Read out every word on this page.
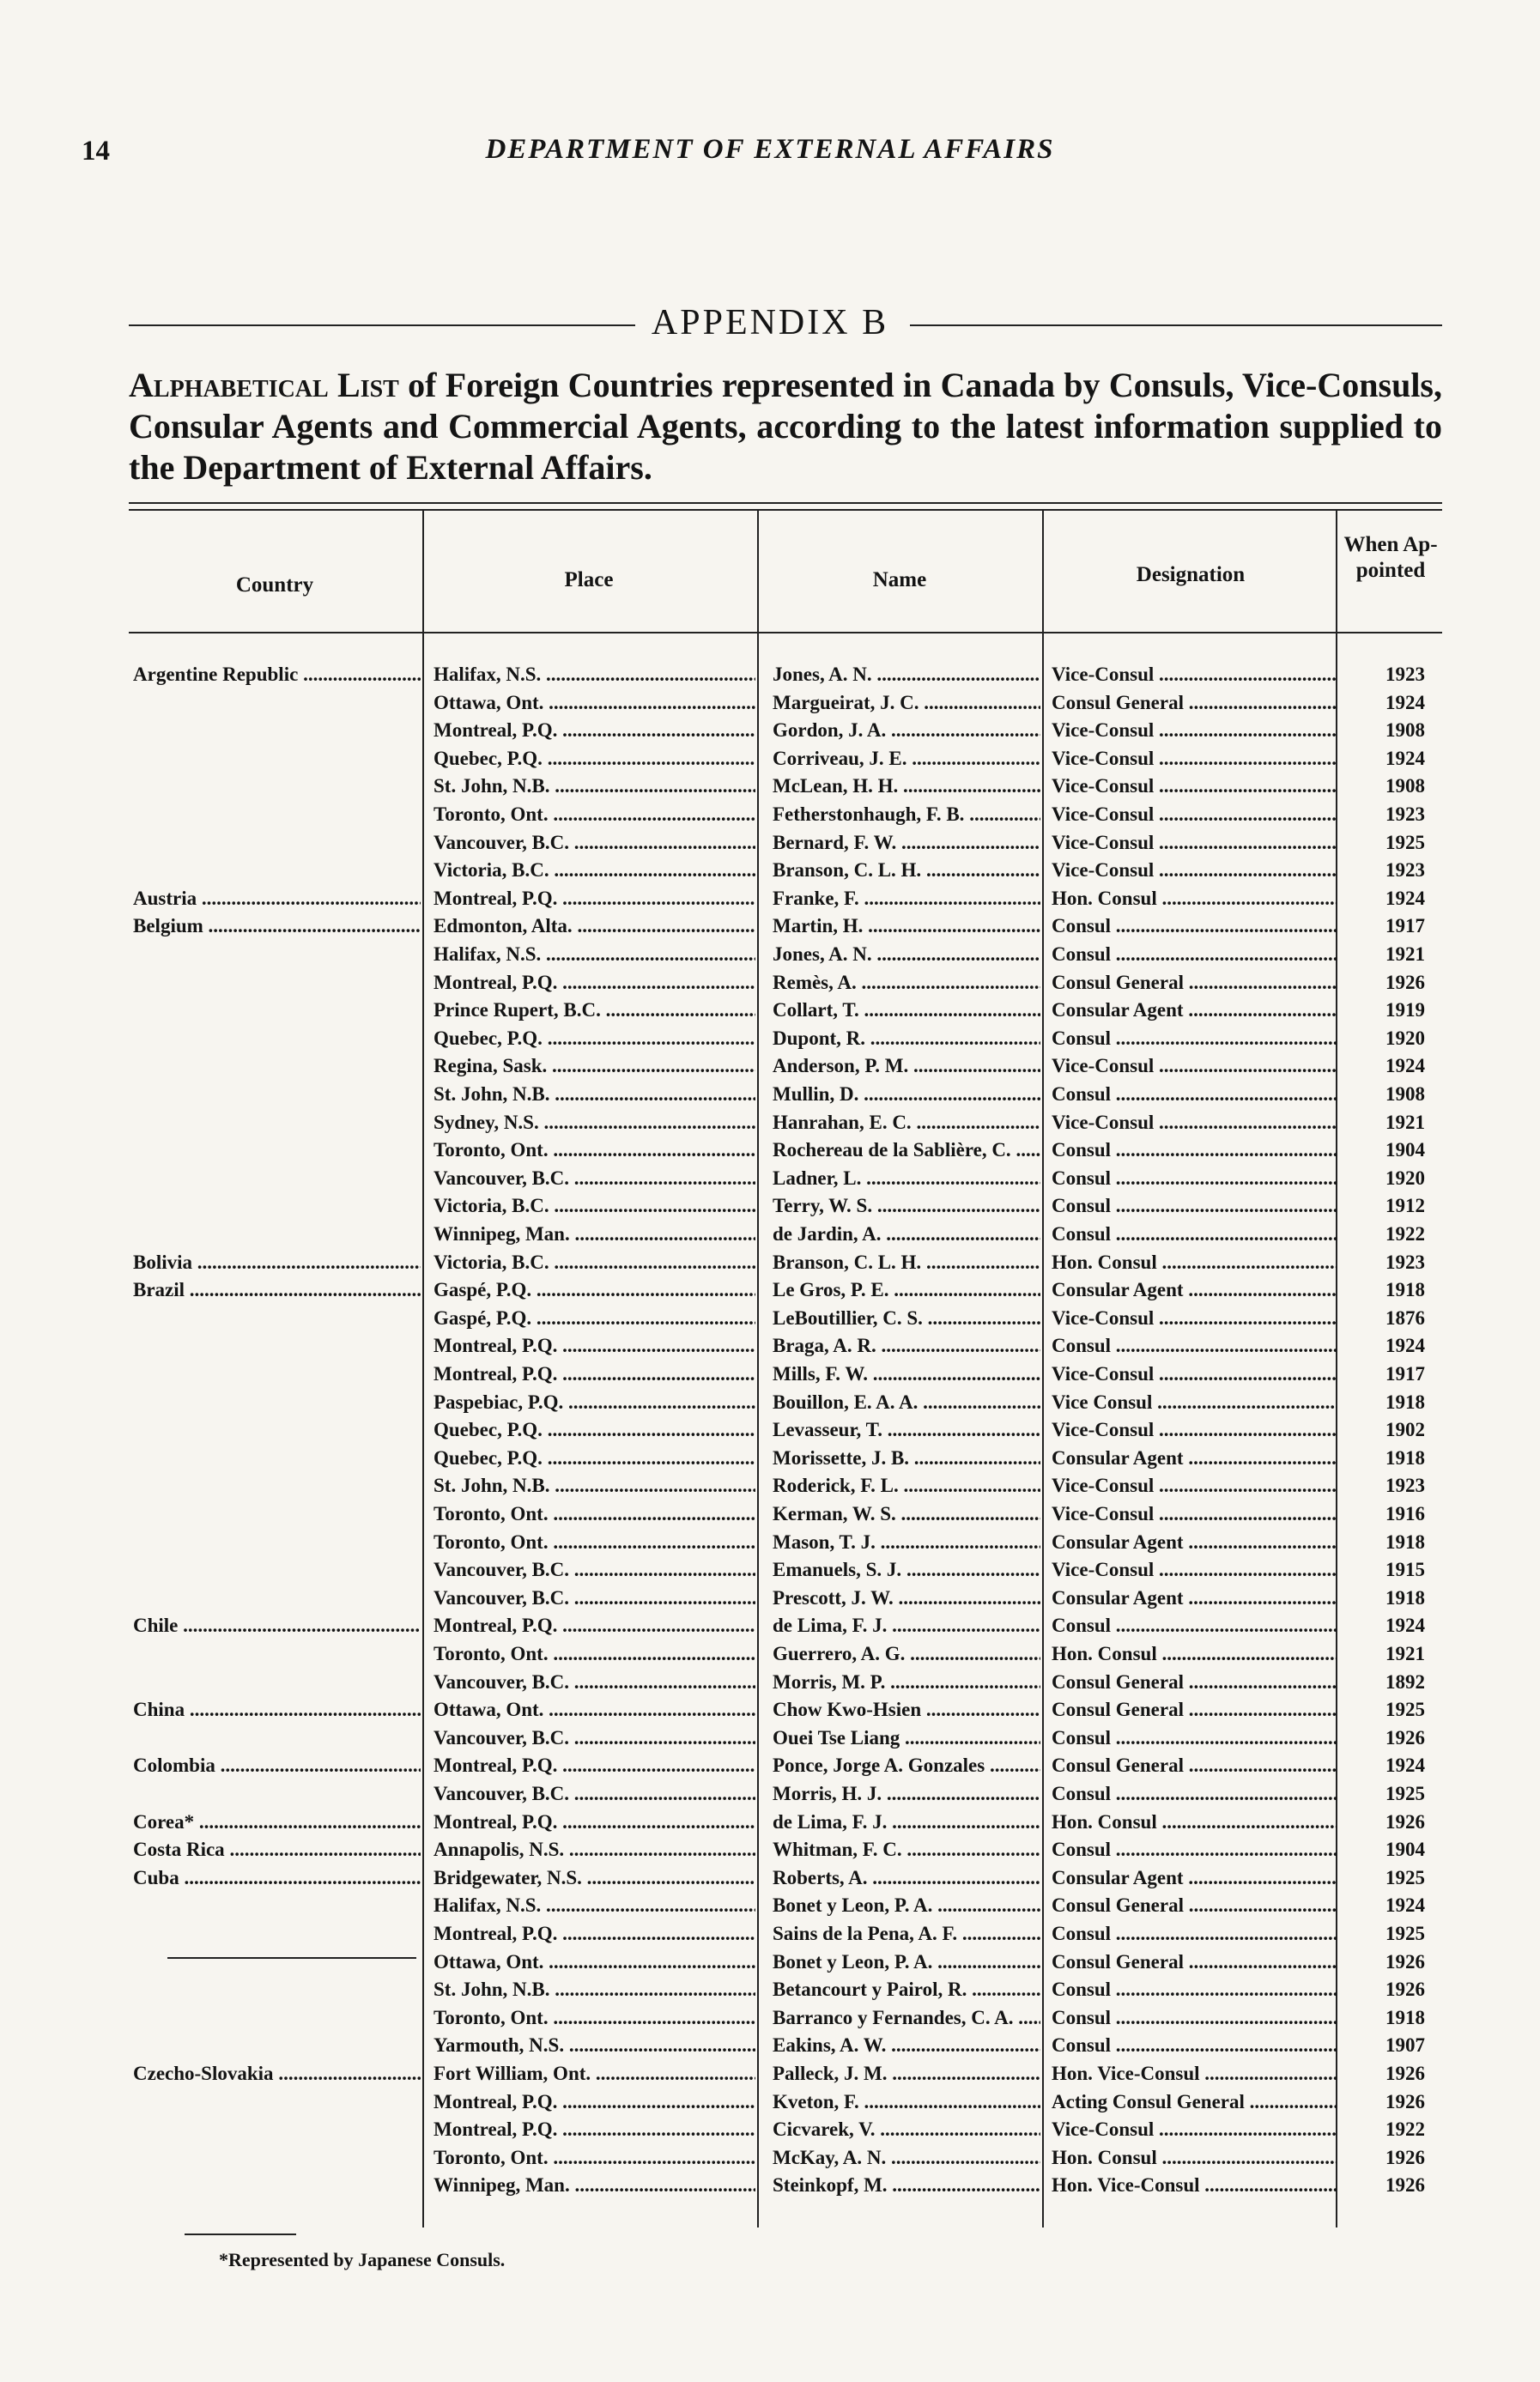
14	DEPARTMENT OF EXTERNAL AFFAIRS
APPENDIX B
Alphabetical List of Foreign Countries represented in Canada by Consuls, Vice-Consuls, Consular Agents and Commercial Agents, according to the latest information supplied to the Department of External Affairs.
Country	Place	Name	Designation
When Ap- pointed
Argentine Republic .....	Halifax, N.S. .....	Jones, A. N. .....	Vice-Consul .....	1923
Ottawa, Ont. .....	Margueirat, J. C. .....	Consul General .....	1924
Montreal, P.Q. .....	Gordon, J. A. .....	Vice-Consul .....	1908
Quebec, P.Q. .....	Corriveau, J. E. .....	Vice-Consul .....	1924
St. John, N.B. .....	McLean, H. H. .....	Vice-Consul .....	1908
Toronto, Ont. .....	Fetherstonhaugh, F. B. .....	Vice-Consul .....	1923
Vancouver, B.C. .....	Bernard, F. W. .....	Vice-Consul .....	1925
Victoria, B.C. .....	Branson, C. L. H. .....	Vice-Consul .....	1923
Austria .....	Montreal, P.Q. .....	Franke, F. .....	Hon. Consul .....	1924
Belgium .....	Edmonton, Alta. .....	Martin, H. .....	Consul .....	1917
Halifax, N.S. .....	Jones, A. N. .....	Consul .....	1921
Montreal, P.Q. .....	Remès, A. .....	Consul General .....	1926
Prince Rupert, B.C. .....	Collart, T. .....	Consular Agent .....	1919
Quebec, P.Q. .....	Dupont, R. .....	Consul .....	1920
Regina, Sask. .....	Anderson, P. M. .....	Vice-Consul .....	1924
St. John, N.B. .....	Mullin, D. .....	Consul .....	1908
Sydney, N.S. .....	Hanrahan, E. C. .....	Vice-Consul .....	1921
Toronto, Ont. .....	Rochereau de la Sablière, C. .....	Consul .....	1904
Vancouver, B.C. .....	Ladner, L. .....	Consul .....	1920
Victoria, B.C. .....	Terry, W. S. .....	Consul .....	1912
Winnipeg, Man. .....	de Jardin, A. .....	Consul .....	1922
Bolivia .....	Victoria, B.C. .....	Branson, C. L. H. .....	Hon. Consul .....	1923
Brazil .....	Gaspé, P.Q. .....	Le Gros, P. E. .....	Consular Agent .....	1918
Gaspé, P.Q. .....	LeBoutillier, C. S. .....	Vice-Consul .....	1876
Montreal, P.Q. .....	Braga, A. R. .....	Consul .....	1924
Montreal, P.Q. .....	Mills, F. W. .....	Vice-Consul .....	1917
Paspebiac, P.Q. .....	Bouillon, E. A. A. .....	Vice Consul .....	1918
Quebec, P.Q. .....	Levasseur, T. .....	Vice-Consul .....	1902
Quebec, P.Q. .....	Morissette, J. B. .....	Consular Agent .....	1918
St. John, N.B. .....	Roderick, F. L. .....	Vice-Consul .....	1923
Toronto, Ont. .....	Kerman, W. S. .....	Vice-Consul .....	1916
Toronto, Ont. .....	Mason, T. J. .....	Consular Agent .....	1918
Vancouver, B.C. .....	Emanuels, S. J. .....	Vice-Consul .....	1915
Vancouver, B.C. .....	Prescott, J. W. .....	Consular Agent .....	1918
Chile .....	Montreal, P.Q. .....	de Lima, F. J. .....	Consul .....	1924
Toronto, Ont. .....	Guerrero, A. G. .....	Hon. Consul .....	1921
Vancouver, B.C. .....	Morris, M. P. .....	Consul General .....	1892
China .....	Ottawa, Ont. .....	Chow Kwo-Hsien .....	Consul General .....	1925
Vancouver, B.C. .....	Ouei Tse Liang .....	Consul .....	1926
Colombia .....	Montreal, P.Q. .....	Ponce, Jorge A. Gonzales .....	Consul General .....	1924
Vancouver, B.C. .....	Morris, H. J. .....	Consul .....	1925
Corea* .....	Montreal, P.Q. .....	de Lima, F. J. .....	Hon. Consul .....	1926
Costa Rica .....	Annapolis, N.S. .....	Whitman, F. C. .....	Consul .....	1904
Cuba .....	Bridgewater, N.S. .....	Roberts, A. .....	Consular Agent .....	1925
Halifax, N.S. .....	Bonet y Leon, P. A. .....	Consul General .....	1924
Montreal, P.Q. .....	Sains de la Pena, A. F. .....	Consul .....	1925
Ottawa, Ont. .....	Bonet y Leon, P. A. .....	Consul General .....	1926
St. John, N.B. .....	Betancourt y Pairol, R. .....	Consul .....	1926
Toronto, Ont. .....	Barranco y Fernandes, C. A. .....	Consul .....	1918
Yarmouth, N.S. .....	Eakins, A. W. .....	Consul .....	1907
Czecho-Slovakia .....	Fort William, Ont. .....	Palleck, J. M. .....	Hon. Vice-Consul .....	1926
Montreal, P.Q. .....	Kveton, F. .....	Acting Consul General .....	1926
Montreal, P.Q. .....	Cicvarek, V. .....	Vice-Consul .....	1922
Toronto, Ont. .....	McKay, A. N. .....	Hon. Consul .....	1926
Winnipeg, Man. .....	Steinkopf, M. .....	Hon. Vice-Consul .....	1926
*Represented by Japanese Consuls.
